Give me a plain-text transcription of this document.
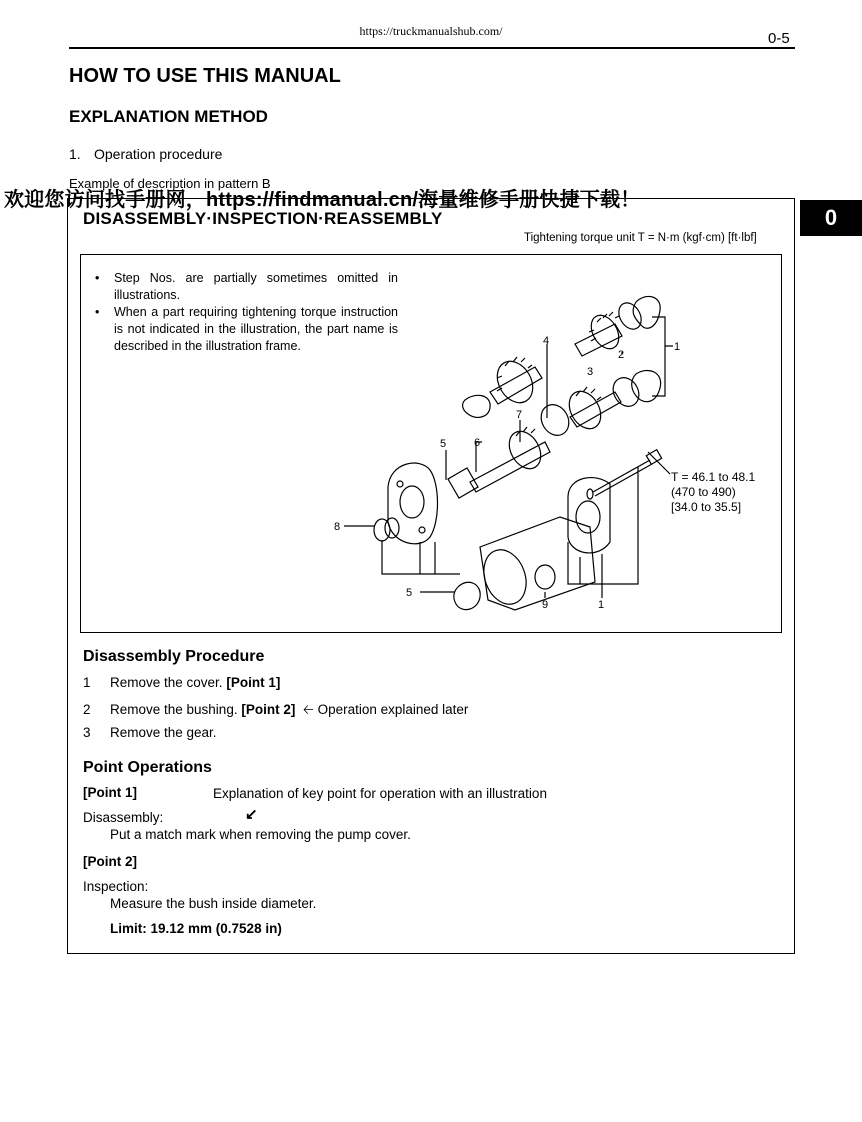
https://truckmanualshub.com/	0-5
HOW TO USE THIS MANUAL
EXPLANATION METHOD
1. Operation procedure
Example of description in pattern B
0
欢迎您访问找手册网，https://findmanual.cn/海量维修手册快捷下载！
DISASSEMBLY·INSPECTION·REASSEMBLY
Tightening torque unit T = N·m (kgf·cm) [ft·lbf]
• Step Nos. are partially sometimes omitted in illustrations.
• When a part requiring tightening torque instruction is not indicated in the illustration, the part name is described in the illustration frame.	1
2
3
4
7
6
5
8
5
9	1
T = 46.1 to 48.1
(470 to 490)
[34.0 to 35.5]
Disassembly Procedure
1 Remove the cover. [Point 1]
2 Remove the bushing. [Point 2] 🡠 Operation explained later
3 Remove the gear.
Point Operations
[Point 1]	Explanation of key point for operation with an illustration
Disassembly:	↙
Put a match mark when removing the pump cover.
[Point 2]
Inspection:
Measure the bush inside diameter.
Limit: 19.12 mm (0.7528 in)
